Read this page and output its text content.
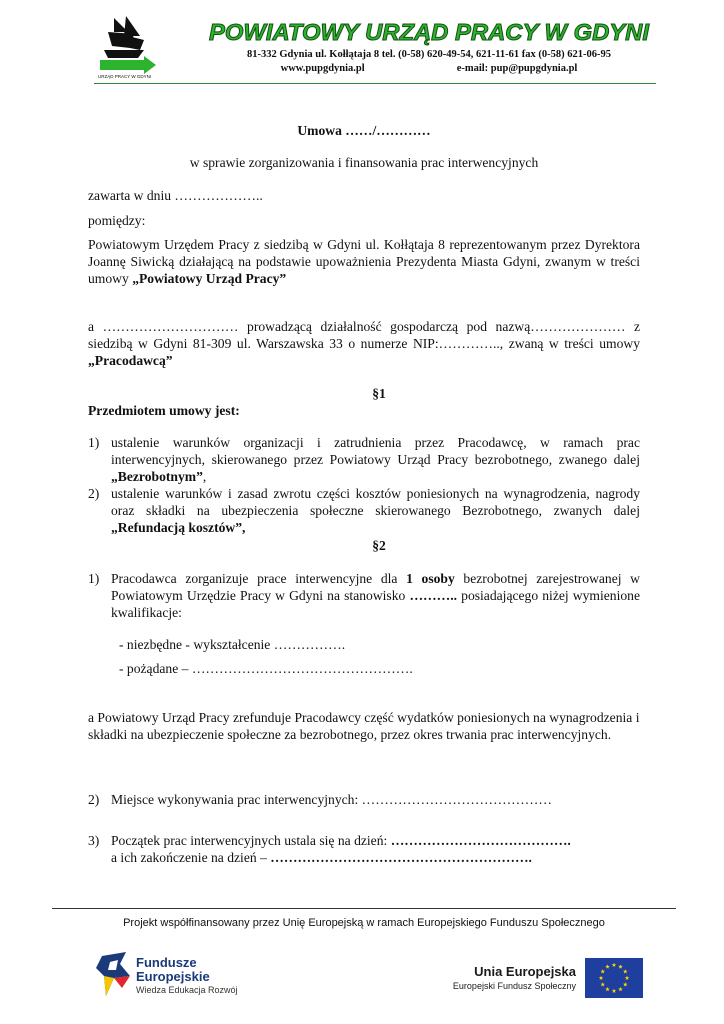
URZĄD PRACY W GDYNI
POWIATOWY URZĄD PRACY W GDYNI
81-332 Gdynia ul. Kołłątaja 8 tel. (0-58) 620-49-54, 621-11-61 fax (0-58) 621-06-95
www.pupgdynia.pl	e-mail: pup@pupgdynia.pl
Umowa ……/…………
w sprawie zorganizowania i finansowania prac interwencyjnych
zawarta w dniu ………………..
pomiędzy:
Powiatowym Urzędem Pracy z siedzibą w Gdyni ul. Kołłątaja 8 reprezentowanym przez Dyrektora Joannę Siwicką działającą na podstawie upoważnienia Prezydenta Miasta Gdyni, zwanym w treści umowy „Powiatowy Urząd Pracy”
a ………………………… prowadzącą działalność gospodarczą pod nazwą………………… z siedzibą w Gdyni 81-309 ul. Warszawska 33 o numerze NIP:………….., zwaną w treści umowy „Pracodawcą”
§1
Przedmiotem umowy jest:
1) ustalenie warunków organizacji i zatrudnienia przez Pracodawcę, w ramach prac interwencyjnych, skierowanego przez Powiatowy Urząd Pracy bezrobotnego, zwanego dalej „Bezrobotnym”,
2) ustalenie warunków i zasad zwrotu części kosztów poniesionych na wynagrodzenia, nagrody oraz składki na ubezpieczenia społeczne skierowanego Bezrobotnego, zwanych dalej „Refundacją kosztów”,
§2
1) Pracodawca zorganizuje prace interwencyjne dla 1 osoby bezrobotnej zarejestrowanej w Powiatowym Urzędzie Pracy w Gdyni na stanowisko ……….. posiadającego niżej wymienione kwalifikacje:
- niezbędne - wykształcenie …………….
- pożądane – ………………………………………….
a Powiatowy Urząd Pracy zrefunduje Pracodawcy część wydatków poniesionych na wynagrodzenia i składki na ubezpieczenie społeczne za bezrobotnego, przez okres trwania prac interwencyjnych.
2) Miejsce wykonywania prac interwencyjnych: ……………………………………
3) Początek prac interwencyjnych ustala się na dzień: ………………………………….
a ich zakończenie na dzień – ………………………………………………….
Projekt współfinansowany przez Unię Europejską w ramach Europejskiego Funduszu Społecznego
Fundusze
Europejskie
Wiedza Edukacja Rozwój
Unia Europejska
Europejski Fundusz Społeczny
